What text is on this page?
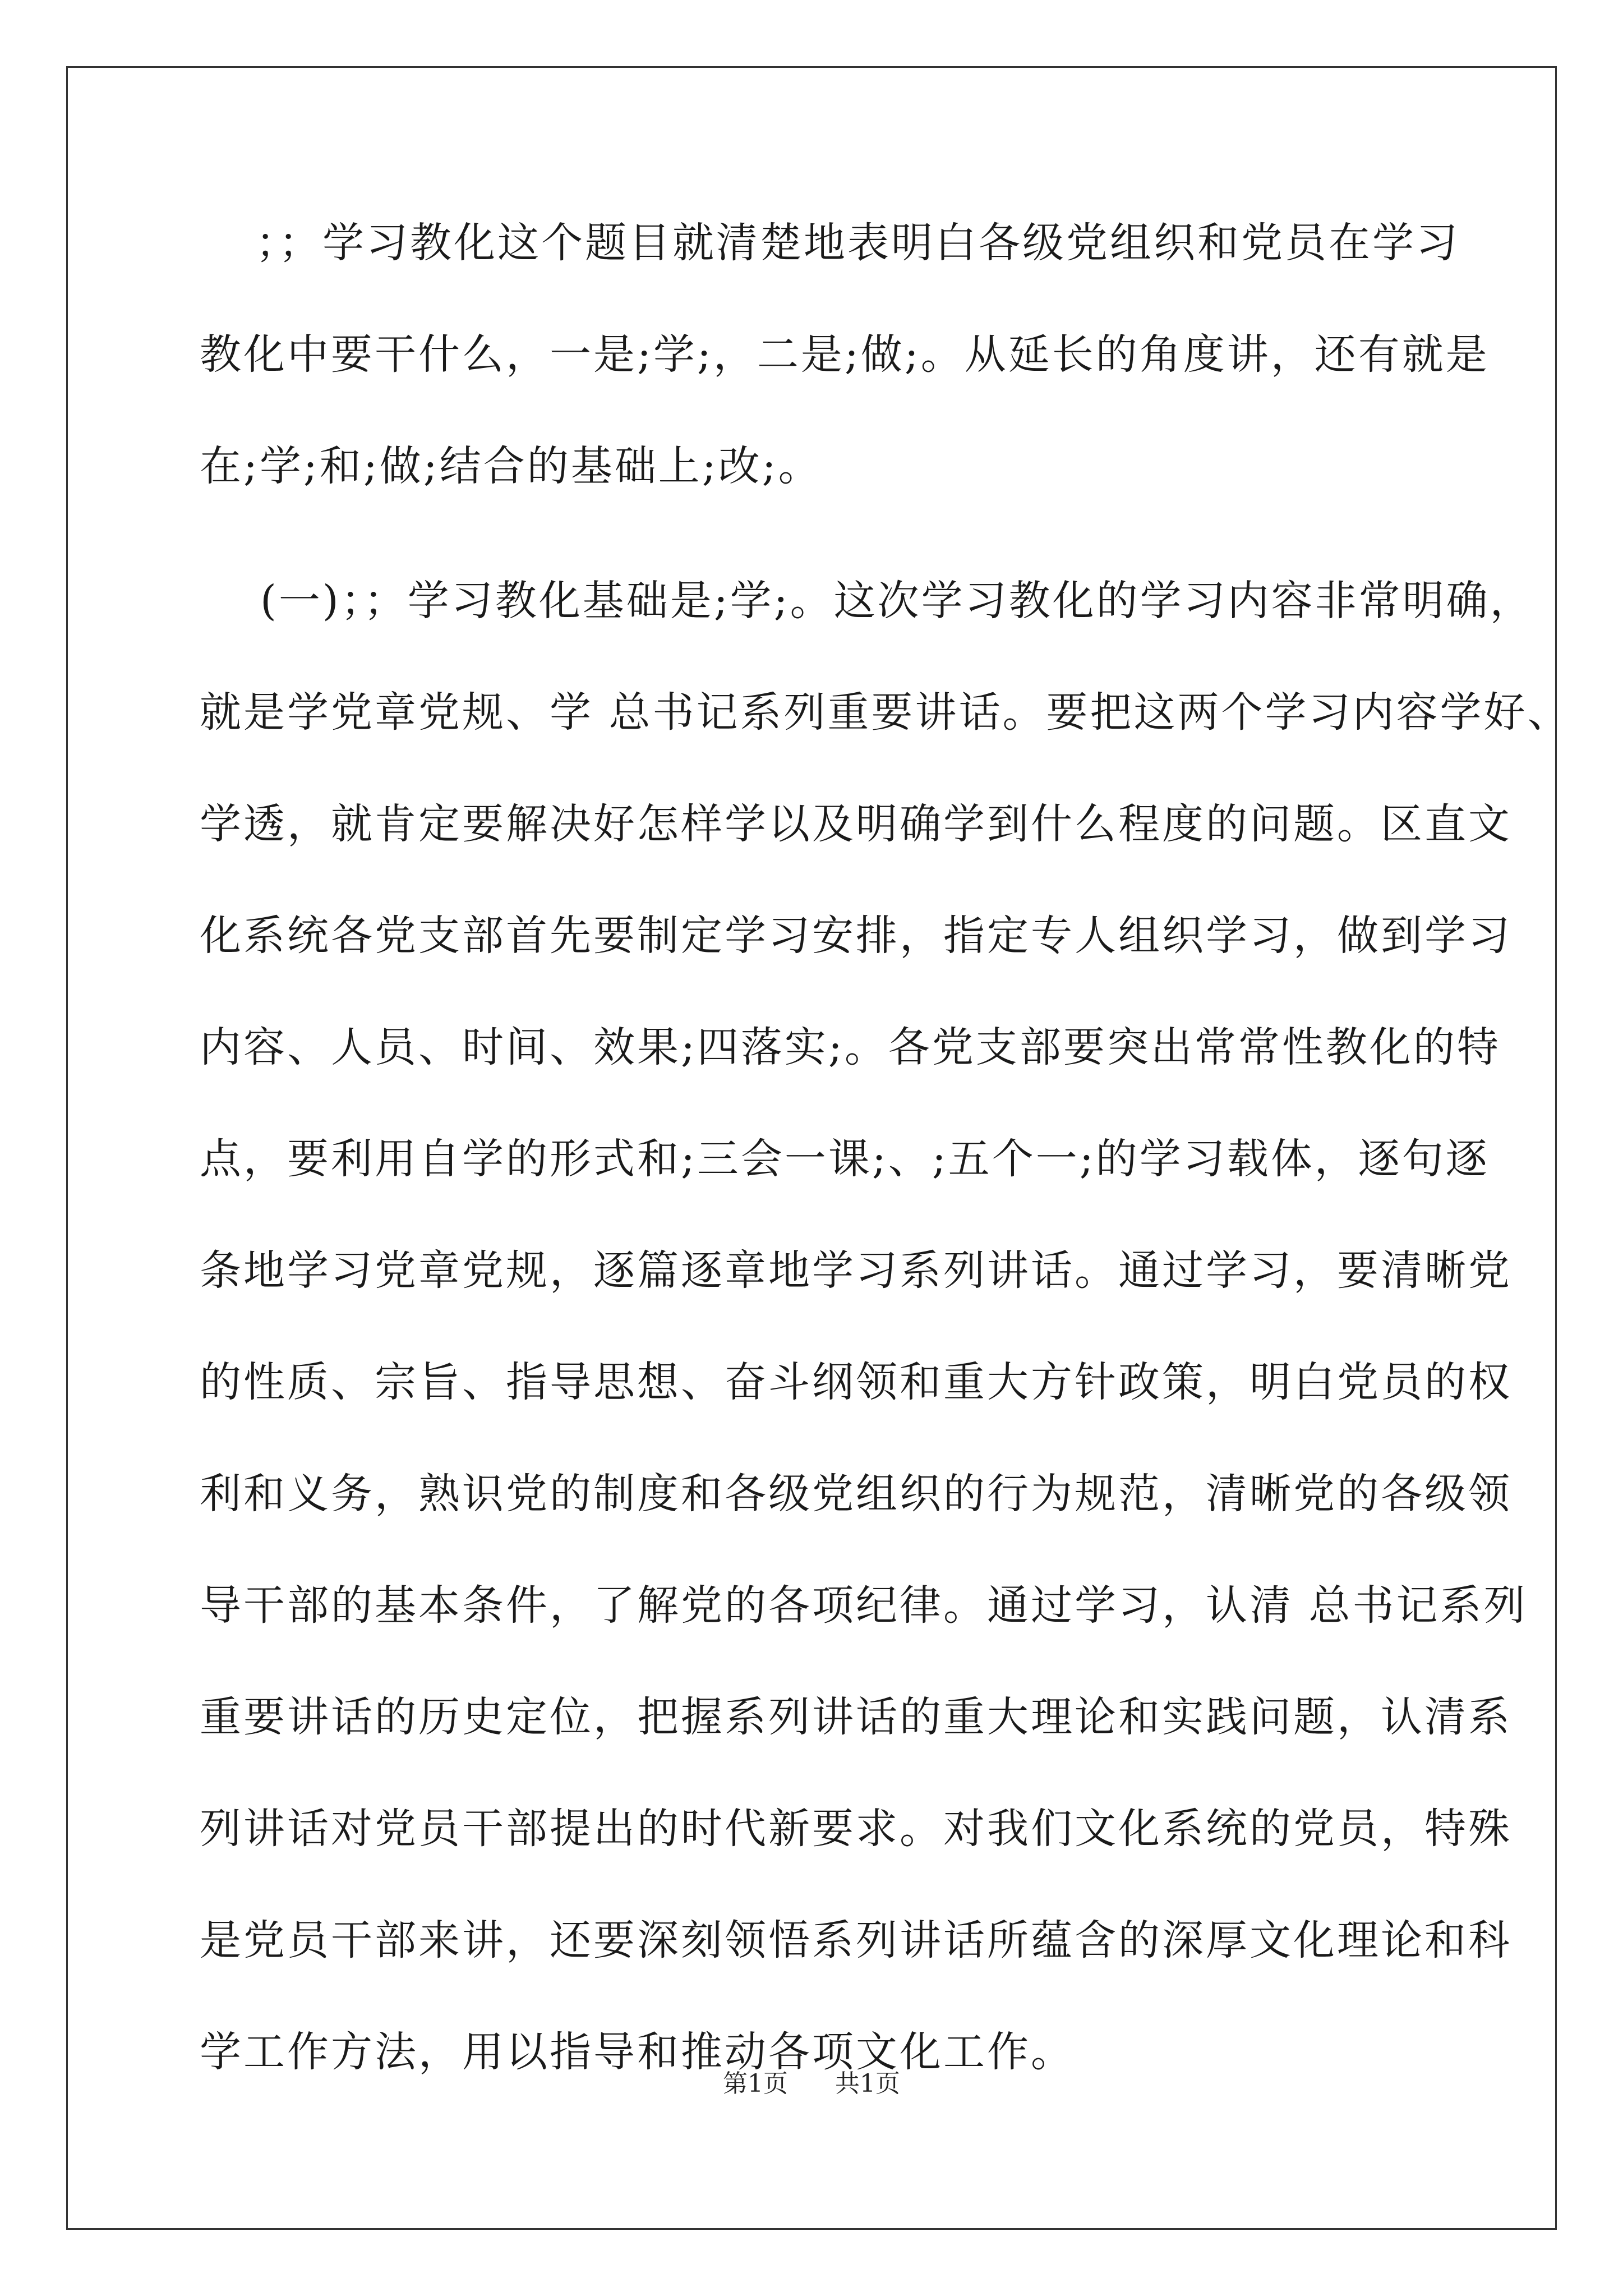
；；学习教化这个题目就清楚地表明白各级党组织和党员在学习
教化中要干什么，一是;学;，二是;做;。从延长的角度讲，还有就是
在;学;和;做;结合的基础上;改;。
(一)；；学习教化基础是;学;。这次学习教化的学习内容非常明确，
就是学党章党规、学 总书记系列重要讲话。要把这两个学习内容学好、
学透，就肯定要解决好怎样学以及明确学到什么程度的问题。区直文
化系统各党支部首先要制定学习安排，指定专人组织学习，做到学习
内容、人员、时间、效果;四落实;。各党支部要突出常常性教化的特
点，要利用自学的形式和;三会一课;、;五个一;的学习载体，逐句逐
条地学习党章党规，逐篇逐章地学习系列讲话。通过学习，要清晰党
的性质、宗旨、指导思想、奋斗纲领和重大方针政策，明白党员的权
利和义务，熟识党的制度和各级党组织的行为规范，清晰党的各级领
导干部的基本条件，了解党的各项纪律。通过学习，认清 总书记系列
重要讲话的历史定位，把握系列讲话的重大理论和实践问题，认清系
列讲话对党员干部提出的时代新要求。对我们文化系统的党员，特殊
是党员干部来讲，还要深刻领悟系列讲话所蕴含的深厚文化理论和科
学工作方法，用以指导和推动各项文化工作。
第1页 共1页
